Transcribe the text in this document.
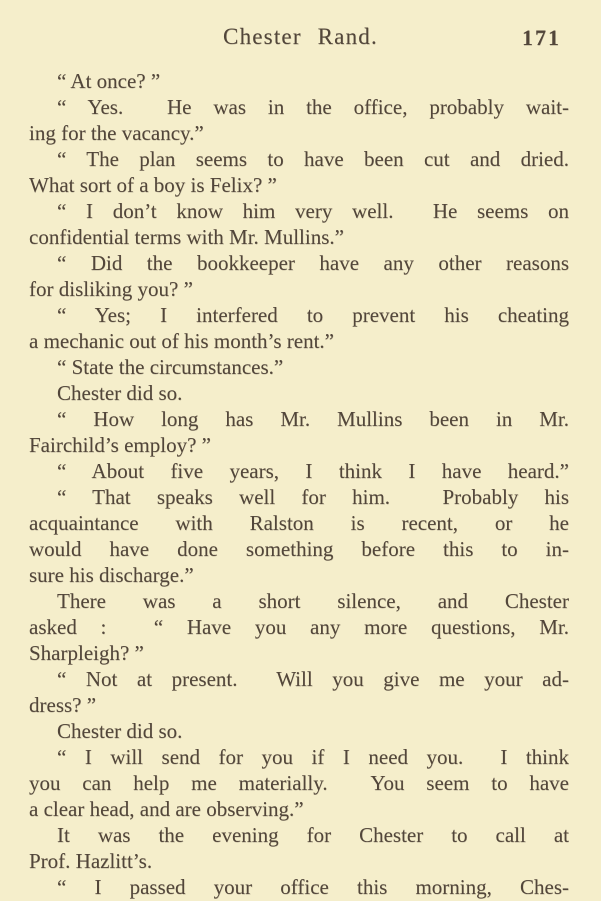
Chester Rand.	171
“ At once? ”
“ Yes.  He was in the office, probably wait-
ing for the vacancy.”
“ The plan seems to have been cut and dried.
What sort of a boy is Felix? ”
“ I don’t know him very well.  He seems on
confidential terms with Mr. Mullins.”
“ Did the bookkeeper have any other reasons
for disliking you? ”
“ Yes; I interfered to prevent his cheating
a mechanic out of his month’s rent.”
“ State the circumstances.”
Chester did so.
“ How long has Mr. Mullins been in Mr.
Fairchild’s employ? ”
“ About five years, I think I have heard.”
“ That speaks well for him.  Probably his
acquaintance with Ralston is recent, or he
would have done something before this to in-
sure his discharge.”
There was a short silence, and Chester
asked :  “ Have you any more questions, Mr.
Sharpleigh? ”
“ Not at present.  Will you give me your ad-
dress? ”
Chester did so.
“ I will send for you if I need you.  I think
you can help me materially.  You seem to have
a clear head, and are observing.”
It was the evening for Chester to call at
Prof. Hazlitt’s.
“ I passed your office this morning, Ches-
